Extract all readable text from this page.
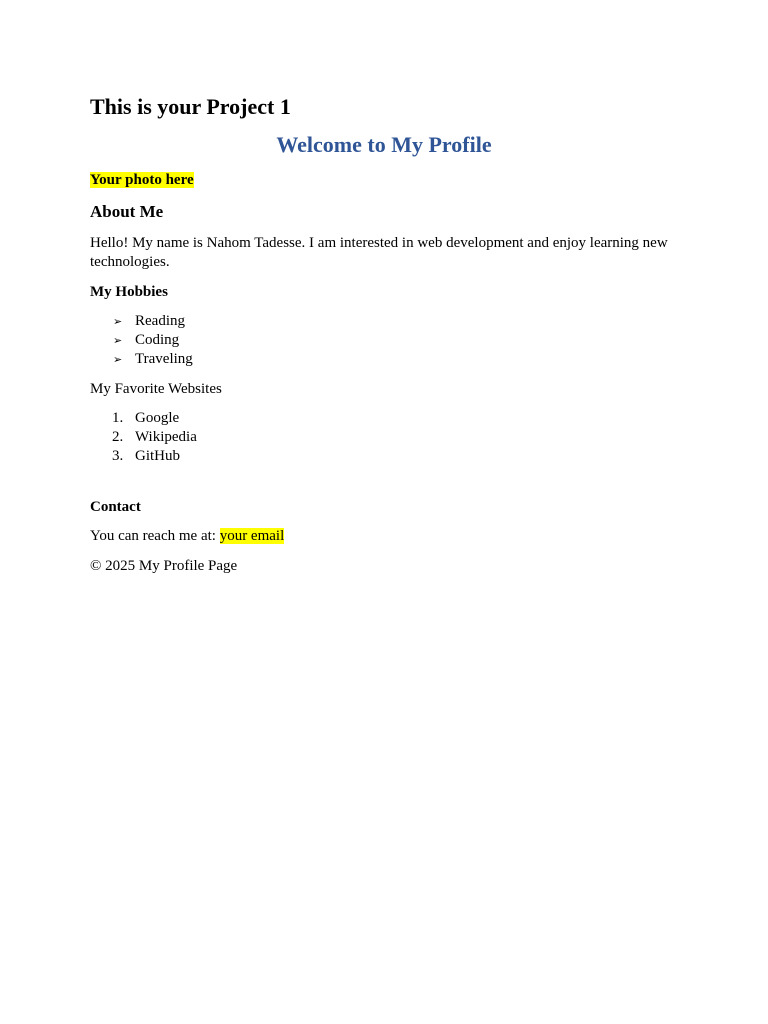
This is your Project 1
Welcome to My Profile
Your photo here
About Me

Hello! My name is Nahom Tadesse. I am interested in web development and enjoy learning new technologies.

My Hobbies
➢ Reading
➢ Coding
➢ Traveling
My Favorite Websites
1. Google
2. Wikipedia
3. GitHub
Contact
You can reach me at: your email
© 2025 My Profile Page
